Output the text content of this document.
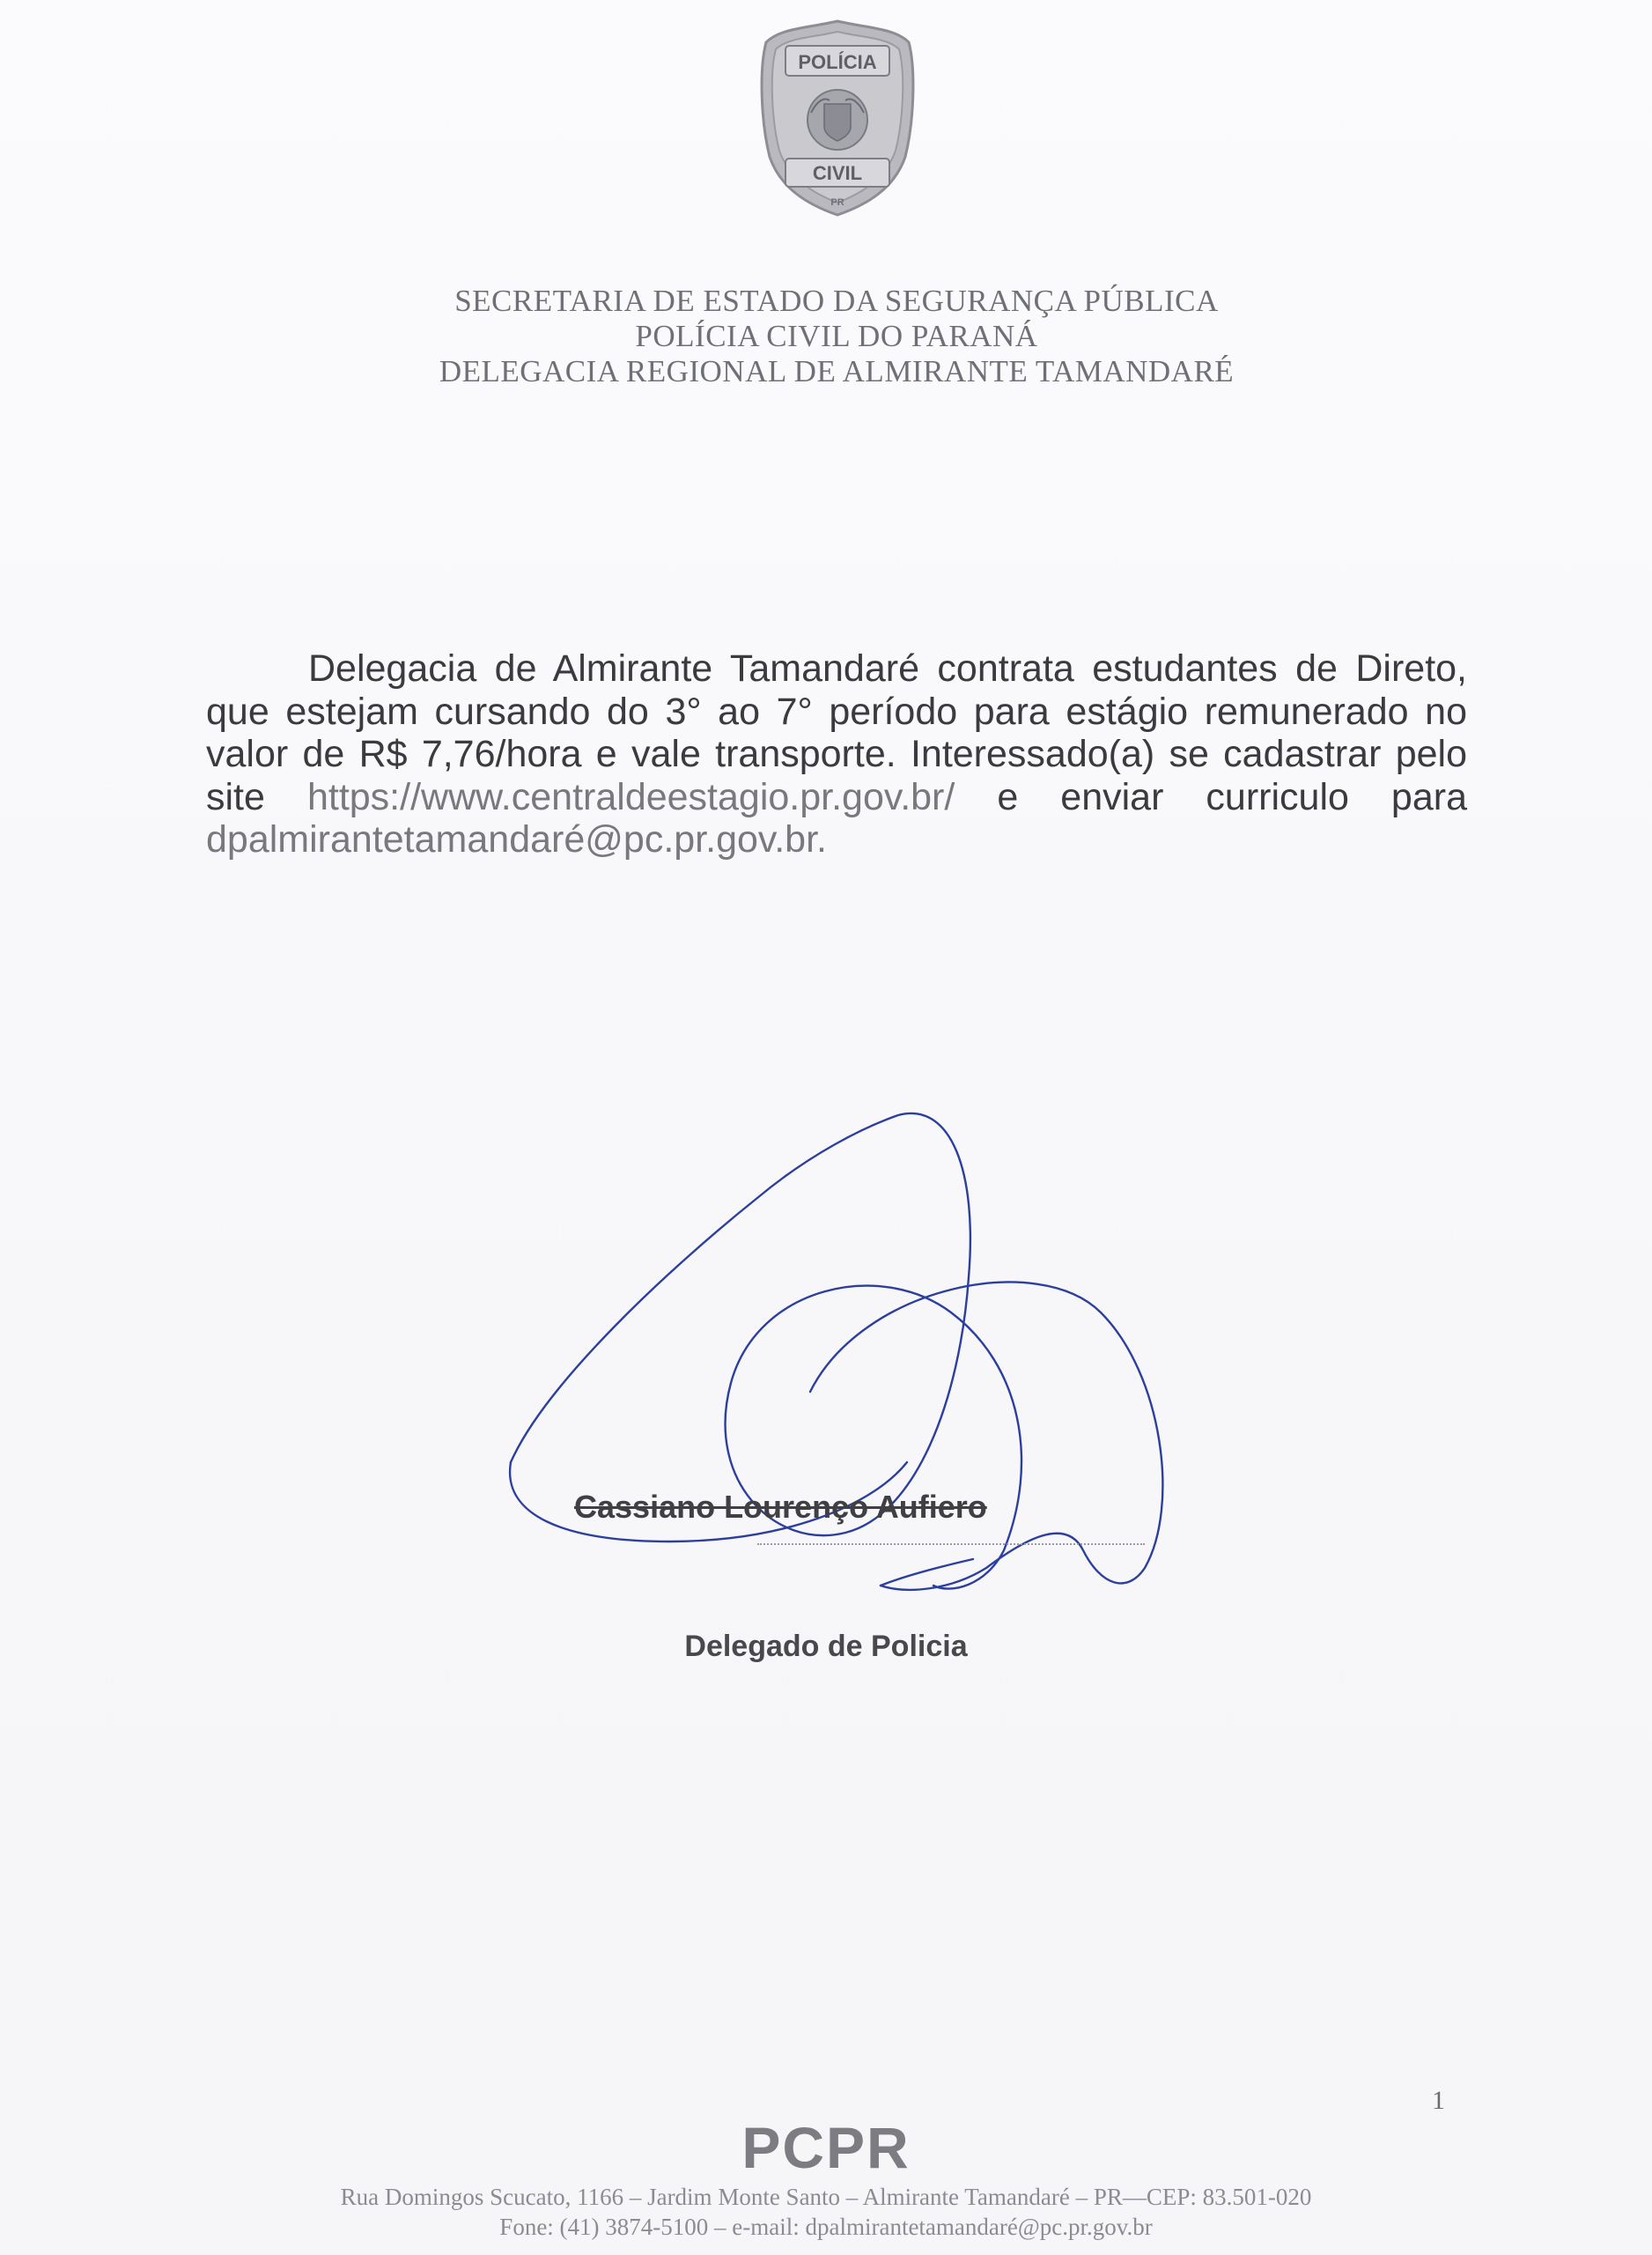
POLÍCIA
CIVIL
PR
SECRETARIA DE ESTADO DA SEGURANÇA PÚBLICA
POLÍCIA CIVIL DO PARANÁ
DELEGACIA REGIONAL DE ALMIRANTE TAMANDARÉ
Delegacia de Almirante Tamandaré contrata estudantes de Direto, que estejam cursando do 3° ao 7° período para estágio remunerado no valor de R$ 7,76/hora e vale transporte. Interessado(a) se cadastrar pelo site https://www.centraldeestagio.pr.gov.br/ e enviar curriculo para dpalmirantetamandaré@pc.pr.gov.br.
Cassiano Lourenço Aufiero
Delegado de Policia
1
PCPR
Rua Domingos Scucato, 1166 – Jardim Monte Santo – Almirante Tamandaré – PR—CEP: 83.501-020
Fone: (41) 3874-5100 – e-mail: dpalmirantetamandaré@pc.pr.gov.br
